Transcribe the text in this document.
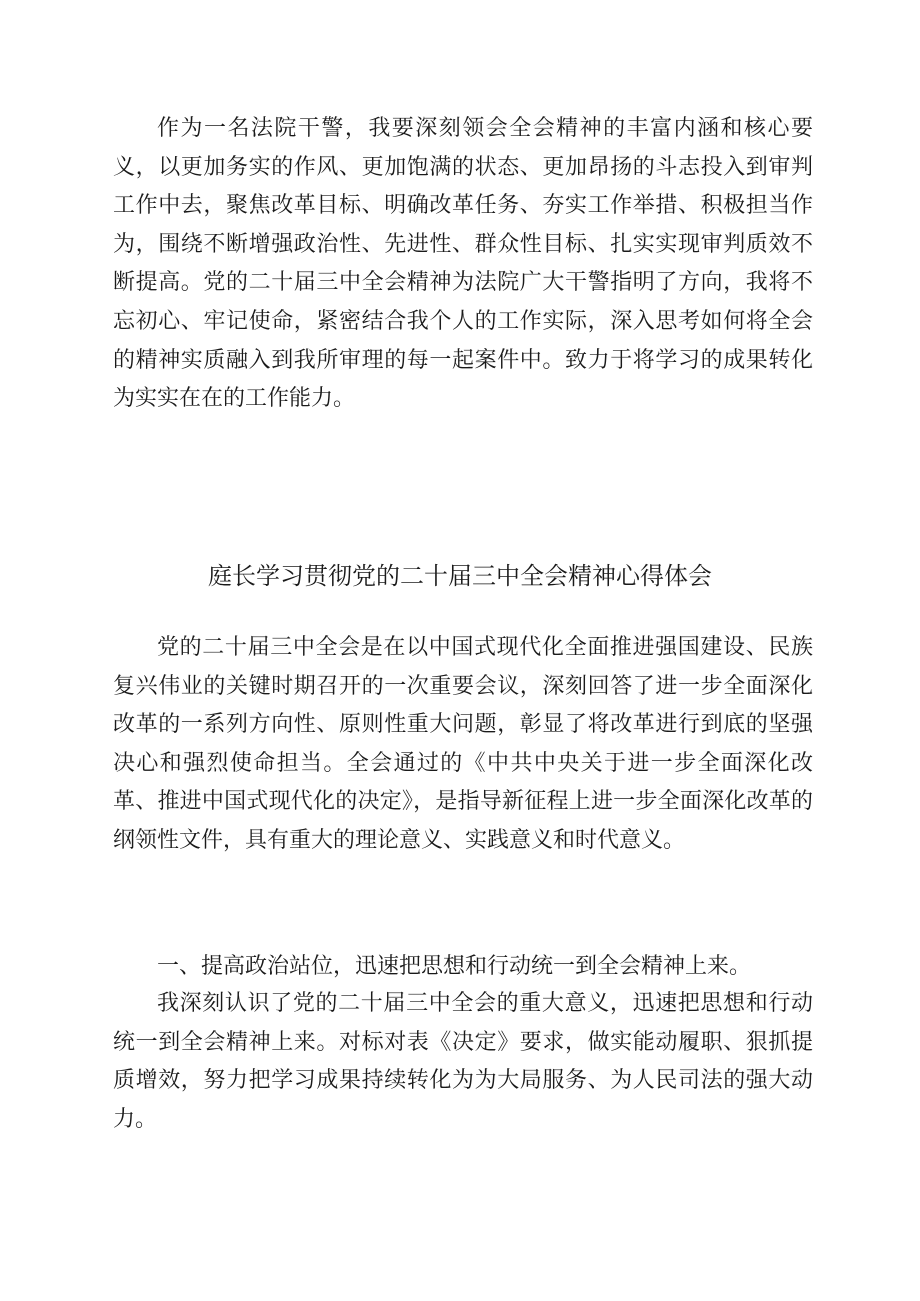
作为一名法院干警，我要深刻领会全会精神的丰富内涵和核心要义，以更加务实的作风、更加饱满的状态、更加昂扬的斗志投入到审判工作中去，聚焦改革目标、明确改革任务、夯实工作举措、积极担当作为，围绕不断增强政治性、先进性、群众性目标、扎实实现审判质效不断提高。党的二十届三中全会精神为法院广大干警指明了方向，我将不忘初心、牢记使命，紧密结合我个人的工作实际，深入思考如何将全会的精神实质融入到我所审理的每一起案件中。致力于将学习的成果转化为实实在在的工作能力。

庭长学习贯彻党的二十届三中全会精神心得体会

党的二十届三中全会是在以中国式现代化全面推进强国建设、民族复兴伟业的关键时期召开的一次重要会议，深刻回答了进一步全面深化改革的一系列方向性、原则性重大问题，彰显了将改革进行到底的坚强决心和强烈使命担当。全会通过的《中共中央关于进一步全面深化改革、推进中国式现代化的决定》，是指导新征程上进一步全面深化改革的纲领性文件，具有重大的理论意义、实践意义和时代意义。

一、提高政治站位，迅速把思想和行动统一到全会精神上来。

我深刻认识了党的二十届三中全会的重大意义，迅速把思想和行动统一到全会精神上来。对标对表《决定》要求，做实能动履职、狠抓提质增效，努力把学习成果持续转化为为大局服务、为人民司法的强大动力。
